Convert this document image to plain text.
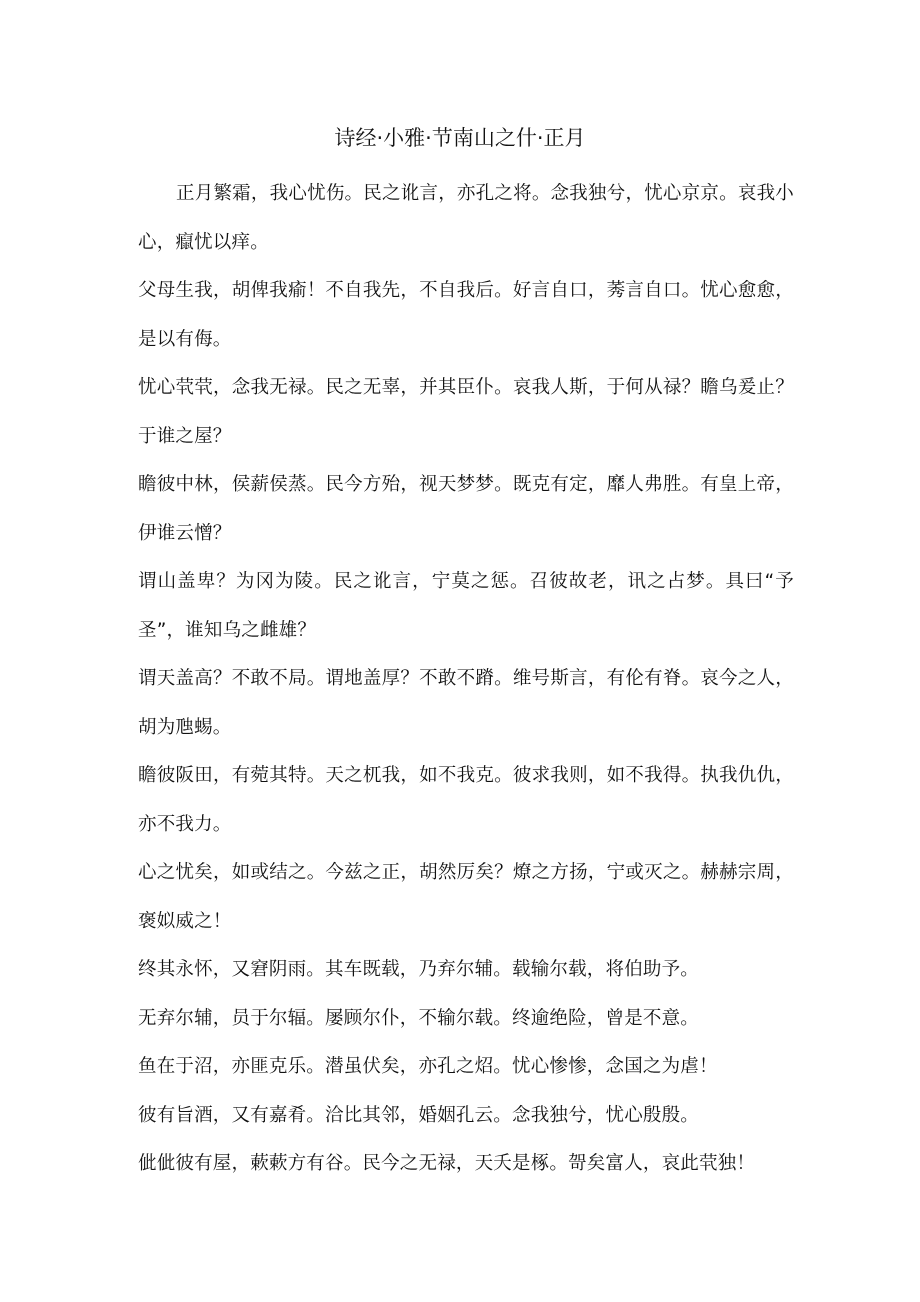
诗经·小雅·节南山之什·正月

正月繁霜，我心忧伤。民之讹言，亦孔之将。念我独兮，忧心京京。哀我小心，癙忧以痒。

父母生我，胡俾我瘉！不自我先，不自我后。好言自口，莠言自口。忧心愈愈，是以有侮。

忧心茕茕，念我无禄。民之无辜，并其臣仆。哀我人斯，于何从禄？瞻乌爰止？于谁之屋？

瞻彼中林，侯薪侯蒸。民今方殆，视天梦梦。既克有定，靡人弗胜。有皇上帝，伊谁云憎？

谓山盖卑？为冈为陵。民之讹言，宁莫之惩。召彼故老，讯之占梦。具曰“予圣”，谁知乌之雌雄？

谓天盖高？不敢不局。谓地盖厚？不敢不蹐。维号斯言，有伦有脊。哀今之人，胡为虺蜴。

瞻彼阪田，有菀其特。天之杌我，如不我克。彼求我则，如不我得。执我仇仇，亦不我力。

心之忧矣，如或结之。今兹之正，胡然厉矣？燎之方扬，宁或灭之。赫赫宗周，褒姒威之！

终其永怀，又窘阴雨。其车既载，乃弃尔辅。载输尔载，将伯助予。

无弃尔辅，员于尔辐。屡顾尔仆，不输尔载。终逾绝险，曾是不意。

鱼在于沼，亦匪克乐。潜虽伏矣，亦孔之炤。忧心惨惨，念国之为虐！

彼有旨酒，又有嘉肴。洽比其邻，婚姻孔云。念我独兮，忧心殷殷。

佌佌彼有屋，蔌蔌方有谷。民今之无禄，天夭是椓。哿矣富人，哀此茕独！
